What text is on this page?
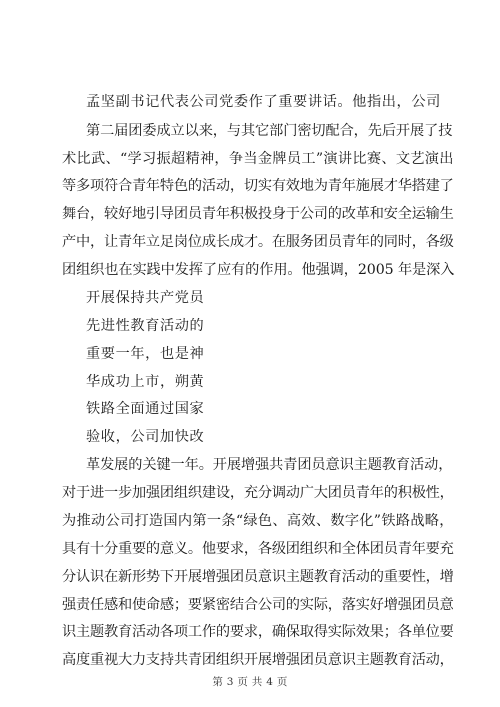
孟坚副书记代表公司党委作了重要讲话。他指出，公司
第二届团委成立以来，与其它部门密切配合，先后开展了技
术比武、“学习振超精神，争当金牌员工”演讲比赛、文艺演出
等多项符合青年特色的活动，切实有效地为青年施展才华搭建了
舞台，较好地引导团员青年积极投身于公司的改革和安全运输生
产中，让青年立足岗位成长成才。在服务团员青年的同时，各级
团组织也在实践中发挥了应有的作用。他强调，2005 年是深入
开展保持共产党员
先进性教育活动的
重要一年，也是神
华成功上市，朔黄
铁路全面通过国家
验收，公司加快改
革发展的关键一年。开展增强共青团员意识主题教育活动，
对于进一步加强团组织建设，充分调动广大团员青年的积极性，
为推动公司打造国内第一条“绿色、高效、数字化”铁路战略，
具有十分重要的意义。他要求，各级团组织和全体团员青年要充
分认识在新形势下开展增强团员意识主题教育活动的重要性，增
强责任感和使命感；要紧密结合公司的实际，落实好增强团员意
识主题教育活动各项工作的要求，确保取得实际效果；各单位要
高度重视大力支持共青团组织开展增强团员意识主题教育活动，
第 3 页 共 4 页
